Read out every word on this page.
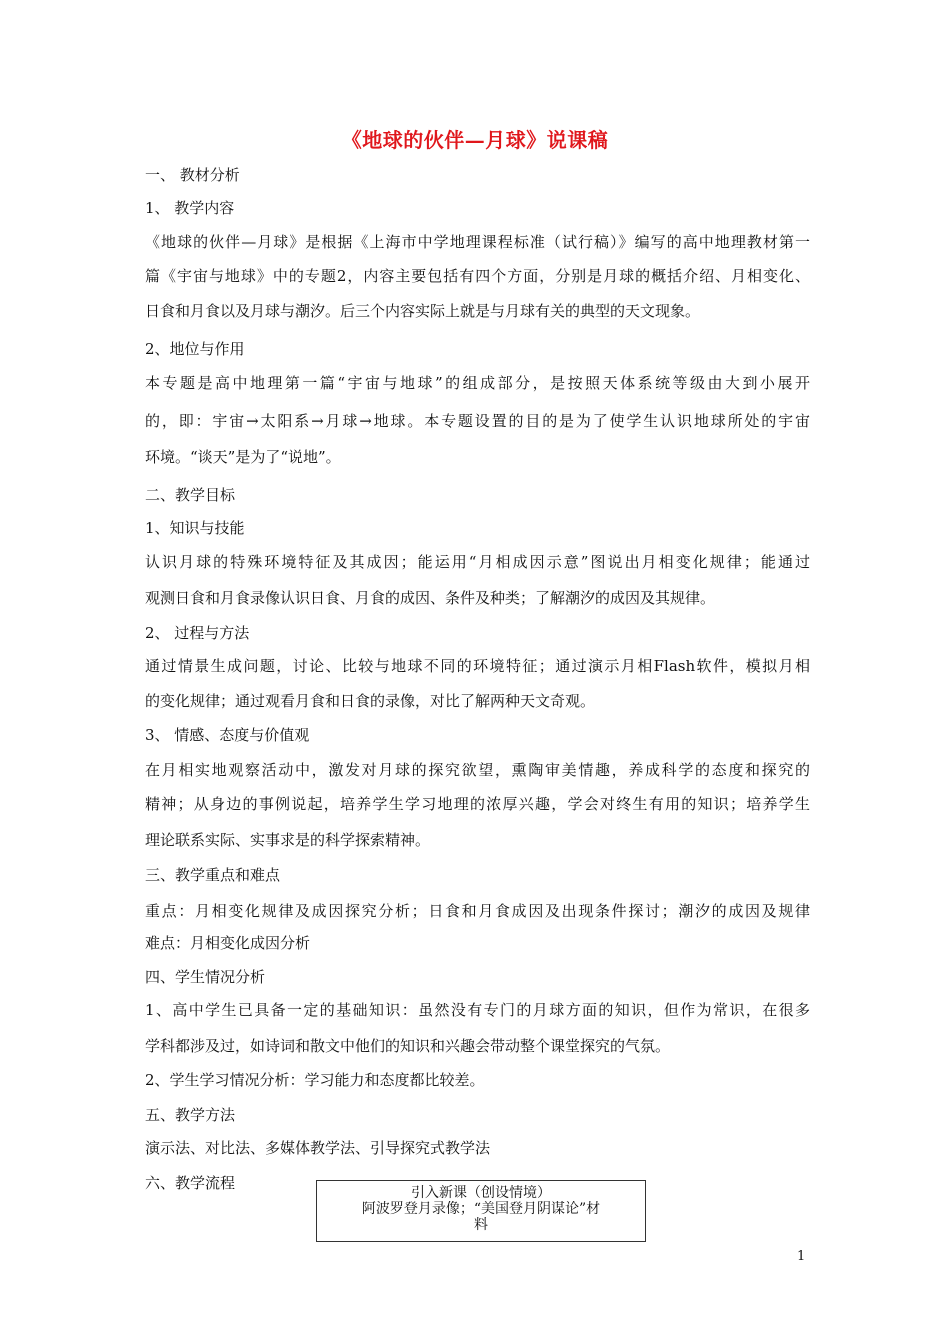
《地球的伙伴—月球》说课稿
一、 教材分析
1、 教学内容
《地球的伙伴—月球》是根据《上海市中学地理课程标准（试行稿）》编写的高中地理教材第一
篇《宇宙与地球》中的专题2，内容主要包括有四个方面，分别是月球的概括介绍、月相变化、
日食和月食以及月球与潮汐。后三个内容实际上就是与月球有关的典型的天文现象。
2、地位与作用
本专题是高中地理第一篇“宇宙与地球”的组成部分，是按照天体系统等级由大到小展开
的，即：宇宙→太阳系→月球→地球。本专题设置的目的是为了使学生认识地球所处的宇宙
环境。“谈天”是为了“说地”。
二、教学目标
1、知识与技能
认识月球的特殊环境特征及其成因；能运用“月相成因示意”图说出月相变化规律；能通过
观测日食和月食录像认识日食、月食的成因、条件及种类；了解潮汐的成因及其规律。
2、 过程与方法
通过情景生成问题，讨论、比较与地球不同的环境特征；通过演示月相Flash软件，模拟月相
的变化规律；通过观看月食和日食的录像，对比了解两种天文奇观。
3、 情感、态度与价值观
在月相实地观察活动中，激发对月球的探究欲望，熏陶审美情趣，养成科学的态度和探究的
精神；从身边的事例说起，培养学生学习地理的浓厚兴趣，学会对终生有用的知识；培养学生
理论联系实际、实事求是的科学探索精神。
三、教学重点和难点
重点：月相变化规律及成因探究分析；日食和月食成因及出现条件探讨；潮汐的成因及规律
难点：月相变化成因分析
四、学生情况分析
1、高中学生已具备一定的基础知识：虽然没有专门的月球方面的知识，但作为常识，在很多
学科都涉及过，如诗词和散文中他们的知识和兴趣会带动整个课堂探究的气氛。
2、学生学习情况分析：学习能力和态度都比较差。
五、教学方法
演示法、对比法、多媒体教学法、引导探究式教学法
六、教学流程
引入新课（创设情境）
阿波罗登月录像；“美国登月阴谋论”材
料
1
